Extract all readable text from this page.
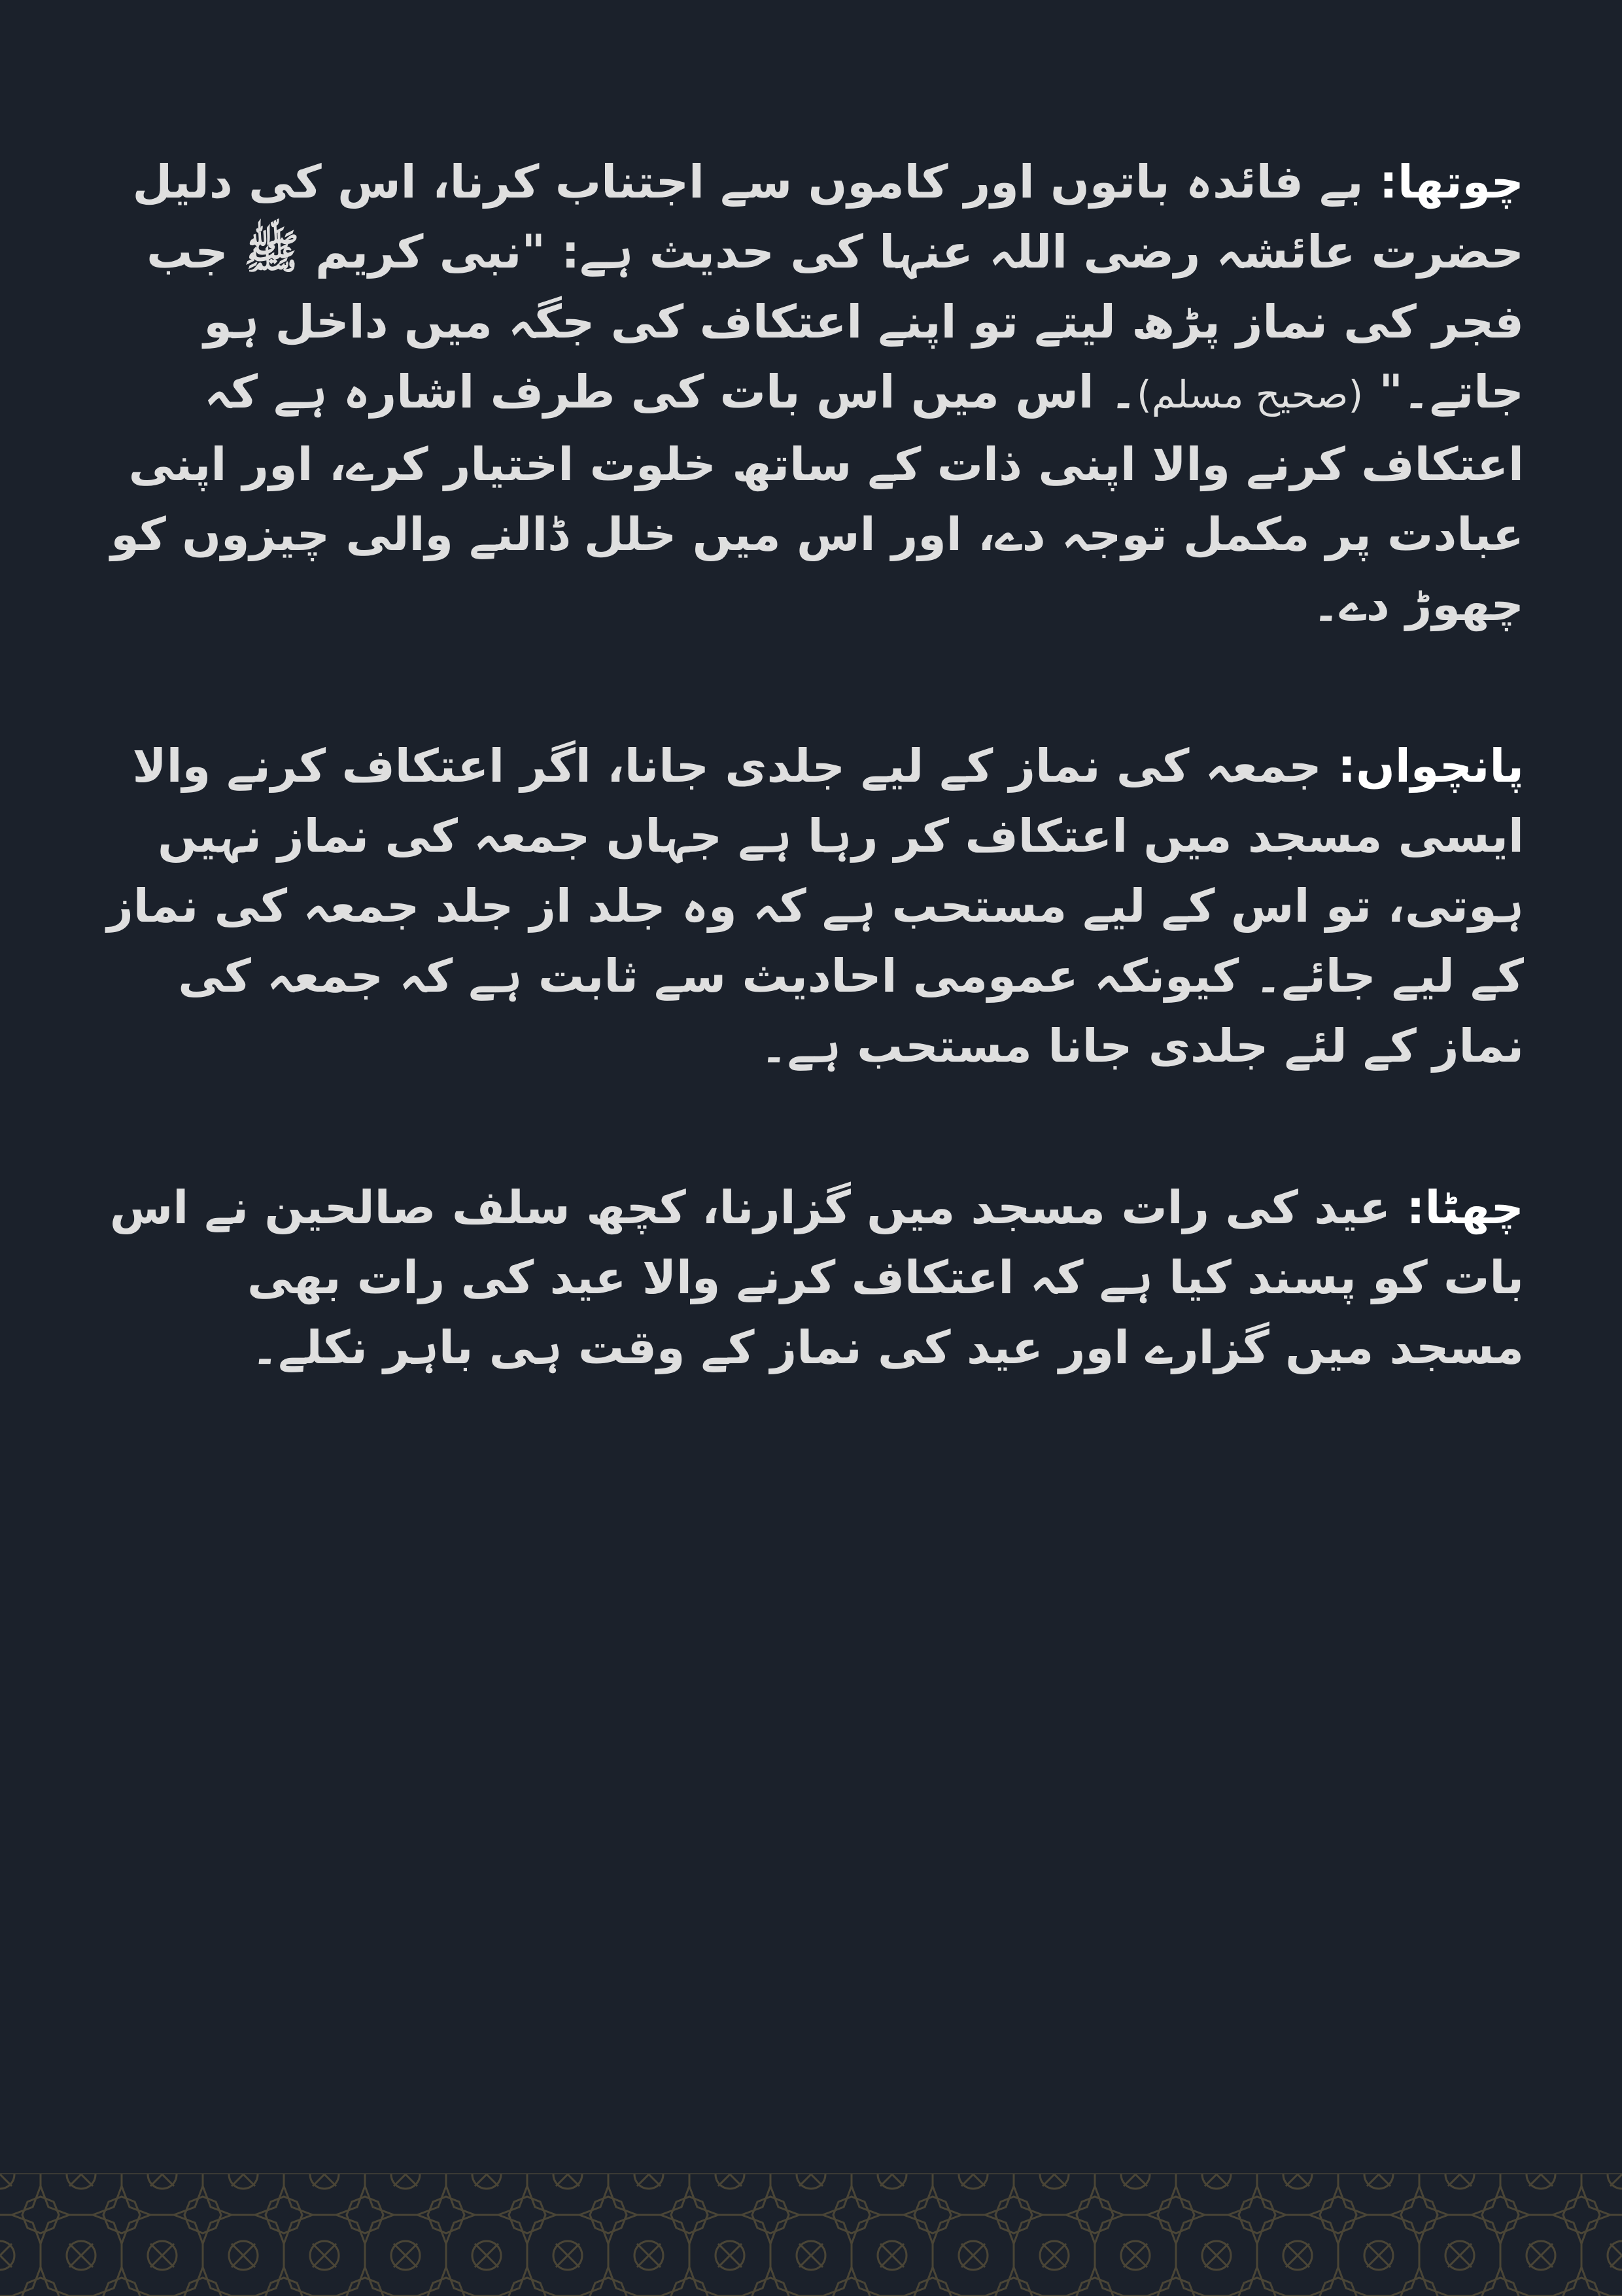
چوتھا: بے فائدہ باتوں اور کاموں سے اجتناب کرنا، اس کی دلیل حضرت عائشہ رضی اللہ عنہا کی حدیث ہے: "نبی کریم ﷺ جب فجر کی نماز پڑھ لیتے تو اپنے اعتکاف کی جگہ میں داخل ہو جاتے۔" (صحیح مسلم)۔ اس میں اس بات کی طرف اشارہ ہے کہ اعتکاف کرنے والا اپنی ذات کے ساتھ خلوت اختیار کرے، اور اپنی عبادت پر مکمل توجہ دے، اور اس میں خلل ڈالنے والی چیزوں کو چھوڑ دے۔

پانچواں: جمعہ کی نماز کے لیے جلدی جانا، اگر اعتکاف کرنے والا ایسی مسجد میں اعتکاف کر رہا ہے جہاں جمعہ کی نماز نہیں ہوتی، تو اس کے لیے مستحب ہے کہ وہ جلد از جلد جمعہ کی نماز کے لیے جائے۔ کیونکہ عمومی احادیث سے ثابت ہے کہ جمعہ کی نماز کے لئے جلدی جانا مستحب ہے۔

چھٹا: عید کی رات مسجد میں گزارنا، کچھ سلف صالحین نے اس بات کو پسند کیا ہے کہ اعتکاف کرنے والا عید کی رات بھی مسجد میں گزارے اور عید کی نماز کے وقت ہی باہر نکلے۔
